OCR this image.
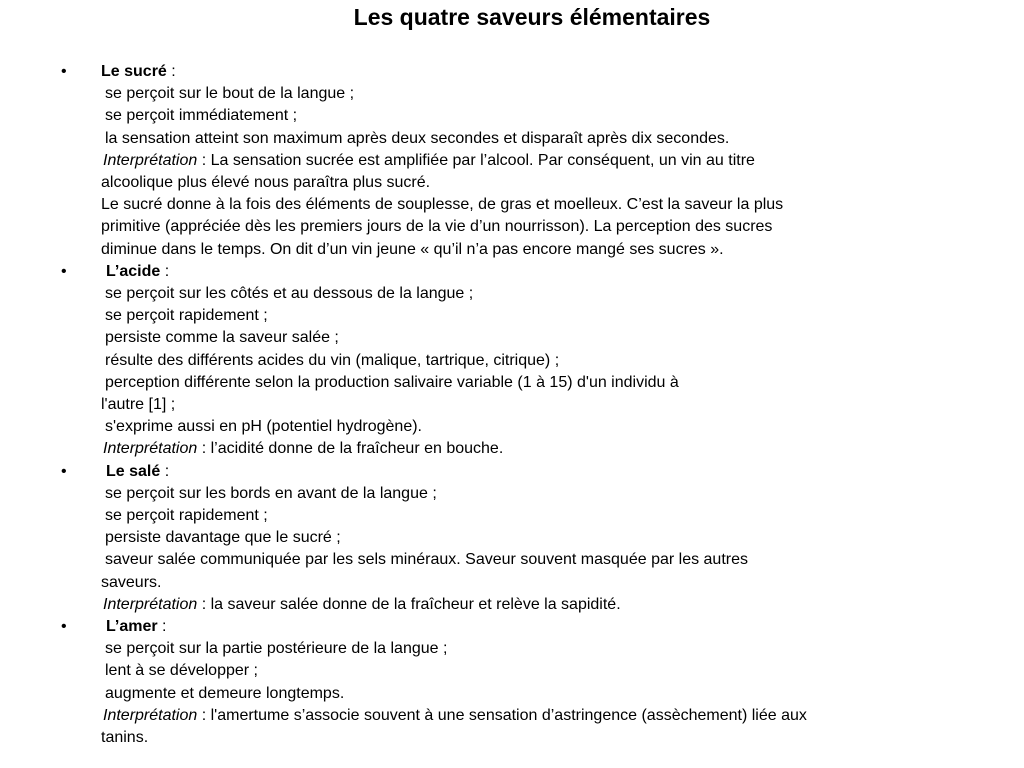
Les quatre saveurs élémentaires
•	Le sucré :
se perçoit sur le bout de la langue ;
se perçoit immédiatement ;
la sensation atteint son maximum après deux secondes et disparaît après dix secondes.
Interprétation : La sensation sucrée est amplifiée par l’alcool. Par conséquent, un vin au titre
alcoolique plus élevé nous paraîtra plus sucré.
Le sucré donne à la fois des éléments de souplesse, de gras et moelleux. C’est la saveur la plus
primitive (appréciée dès les premiers jours de la vie d’un nourrisson). La perception des sucres
diminue dans le temps. On dit d’un vin jeune « qu’il n’a pas encore mangé ses sucres ».
•	L’acide :
se perçoit sur les côtés et au dessous de la langue ;
se perçoit rapidement ;
persiste comme la saveur salée ;
résulte des différents acides du vin (malique, tartrique, citrique) ;
perception différente selon la production salivaire variable (1 à 15) d'un individu à
l'autre [1] ;
s'exprime aussi en pH (potentiel hydrogène).
Interprétation : l’acidité donne de la fraîcheur en bouche.
•	Le salé :
se perçoit sur les bords en avant de la langue ;
se perçoit rapidement ;
persiste davantage que le sucré ;
saveur salée communiquée par les sels minéraux. Saveur souvent masquée par les autres
saveurs.
Interprétation : la saveur salée donne de la fraîcheur et relève la sapidité.
•	L’amer :
se perçoit sur la partie postérieure de la langue ;
lent à se développer ;
augmente et demeure longtemps.
Interprétation : l'amertume s’associe souvent à une sensation d’astringence (assèchement) liée aux
tanins.
